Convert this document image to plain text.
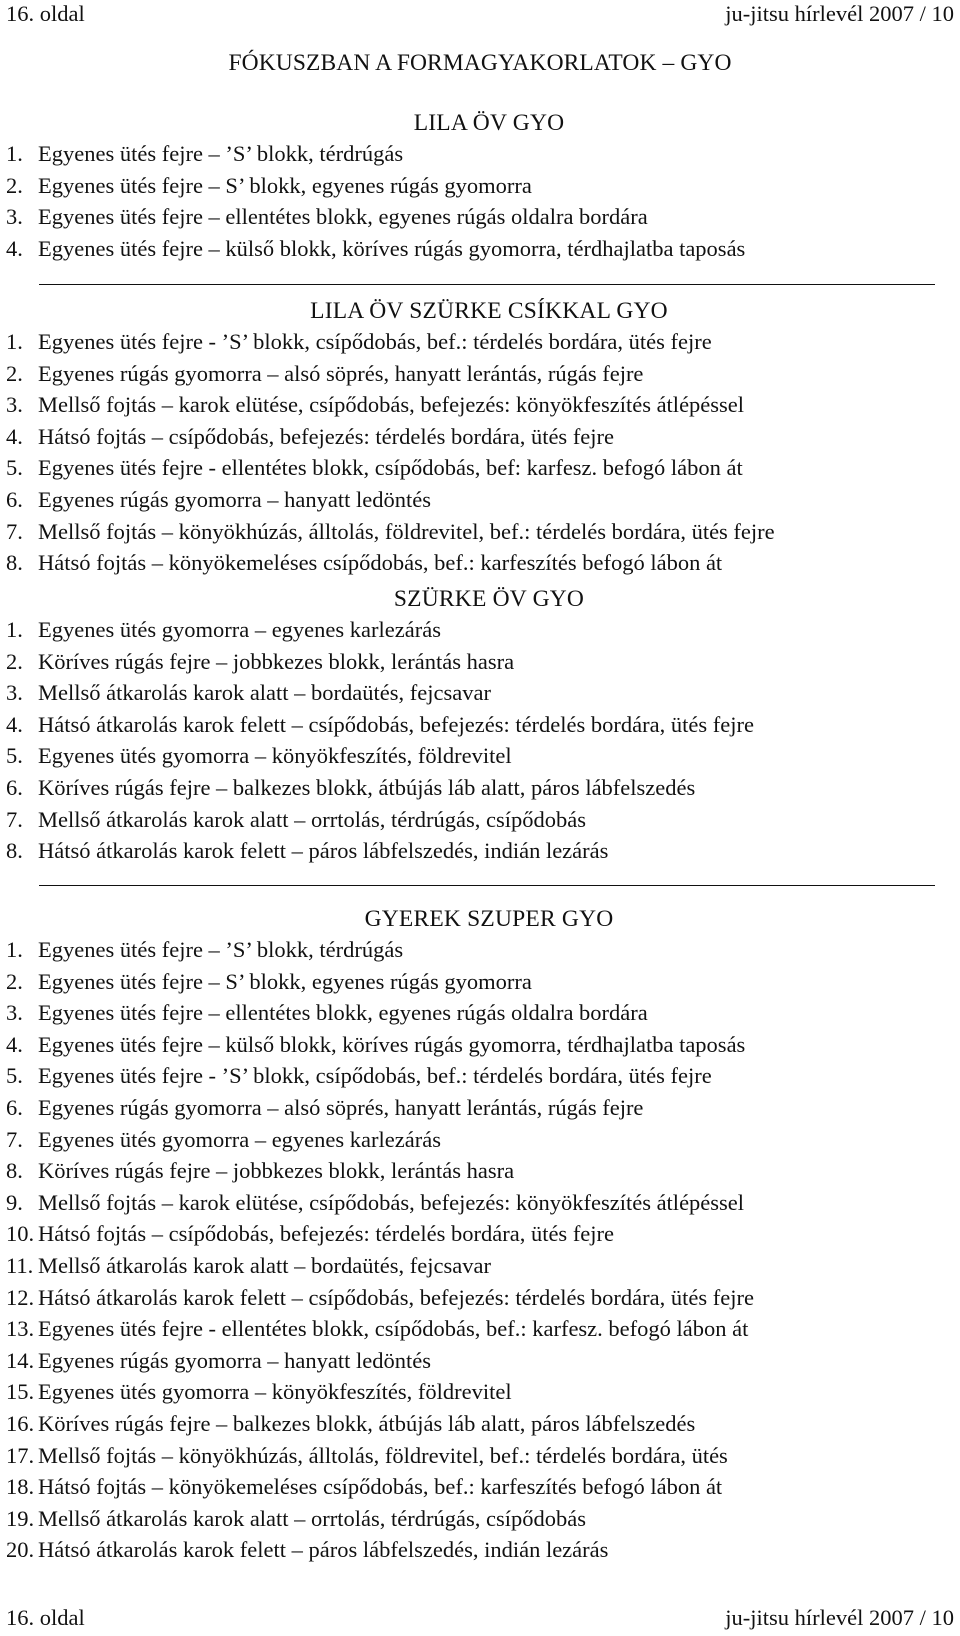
16. oldal	ju-jitsu hírlevél 2007 / 10
FÓKUSZBAN A FORMAGYAKORLATOK – GYO
LILA ÖV GYO
1. Egyenes ütés fejre – ’S’ blokk, térdrúgás
2. Egyenes ütés fejre – S’ blokk, egyenes rúgás gyomorra
3. Egyenes ütés fejre – ellentétes blokk, egyenes rúgás oldalra bordára
4. Egyenes ütés fejre – külső blokk, köríves rúgás gyomorra, térdhajlatba taposás
LILA ÖV SZÜRKE CSÍKKAL GYO
1. Egyenes ütés fejre - ’S’ blokk, csípődobás, bef.: térdelés bordára, ütés fejre
2. Egyenes rúgás gyomorra – alsó söprés, hanyatt lerántás, rúgás fejre
3. Mellső fojtás – karok elütése, csípődobás, befejezés: könyökfeszítés átlépéssel
4. Hátsó fojtás – csípődobás, befejezés: térdelés bordára, ütés fejre
5. Egyenes ütés fejre - ellentétes blokk, csípődobás, bef: karfesz. befogó lábon át
6. Egyenes rúgás gyomorra – hanyatt ledöntés
7. Mellső fojtás – könyökhúzás, álltolás, földrevitel, bef.: térdelés bordára, ütés fejre
8. Hátsó fojtás – könyökemeléses csípődobás, bef.: karfeszítés befogó lábon át
SZÜRKE ÖV GYO
1. Egyenes ütés gyomorra – egyenes karlezárás
2. Köríves rúgás fejre – jobbkezes blokk, lerántás hasra
3. Mellső átkarolás karok alatt – bordaütés, fejcsavar
4. Hátsó átkarolás karok felett – csípődobás, befejezés: térdelés bordára, ütés fejre
5. Egyenes ütés gyomorra – könyökfeszítés, földrevitel
6. Köríves rúgás fejre – balkezes blokk, átbújás láb alatt, páros lábfelszedés
7. Mellső átkarolás karok alatt – orrtolás, térdrúgás, csípődobás
8. Hátsó átkarolás karok felett – páros lábfelszedés, indián lezárás
GYEREK SZUPER GYO
1. Egyenes ütés fejre – ’S’ blokk, térdrúgás
2. Egyenes ütés fejre – S’ blokk, egyenes rúgás gyomorra
3. Egyenes ütés fejre – ellentétes blokk, egyenes rúgás oldalra bordára
4. Egyenes ütés fejre – külső blokk, köríves rúgás gyomorra, térdhajlatba taposás
5. Egyenes ütés fejre - ’S’ blokk, csípődobás, bef.: térdelés bordára, ütés fejre
6. Egyenes rúgás gyomorra – alsó söprés, hanyatt lerántás, rúgás fejre
7. Egyenes ütés gyomorra – egyenes karlezárás
8. Köríves rúgás fejre – jobbkezes blokk, lerántás hasra
9. Mellső fojtás – karok elütése, csípődobás, befejezés: könyökfeszítés átlépéssel
10. Hátsó fojtás – csípődobás, befejezés: térdelés bordára, ütés fejre
11. Mellső átkarolás karok alatt – bordaütés, fejcsavar
12. Hátsó átkarolás karok felett – csípődobás, befejezés: térdelés bordára, ütés fejre
13. Egyenes ütés fejre - ellentétes blokk, csípődobás, bef.: karfesz. befogó lábon át
14. Egyenes rúgás gyomorra – hanyatt ledöntés
15. Egyenes ütés gyomorra – könyökfeszítés, földrevitel
16. Köríves rúgás fejre – balkezes blokk, átbújás láb alatt, páros lábfelszedés
17. Mellső fojtás – könyökhúzás, álltolás, földrevitel, bef.: térdelés bordára, ütés
18. Hátsó fojtás – könyökemeléses csípődobás, bef.: karfeszítés befogó lábon át
19. Mellső átkarolás karok alatt – orrtolás, térdrúgás, csípődobás
20. Hátsó átkarolás karok felett – páros lábfelszedés, indián lezárás
16. oldal	ju-jitsu hírlevél 2007 / 10
